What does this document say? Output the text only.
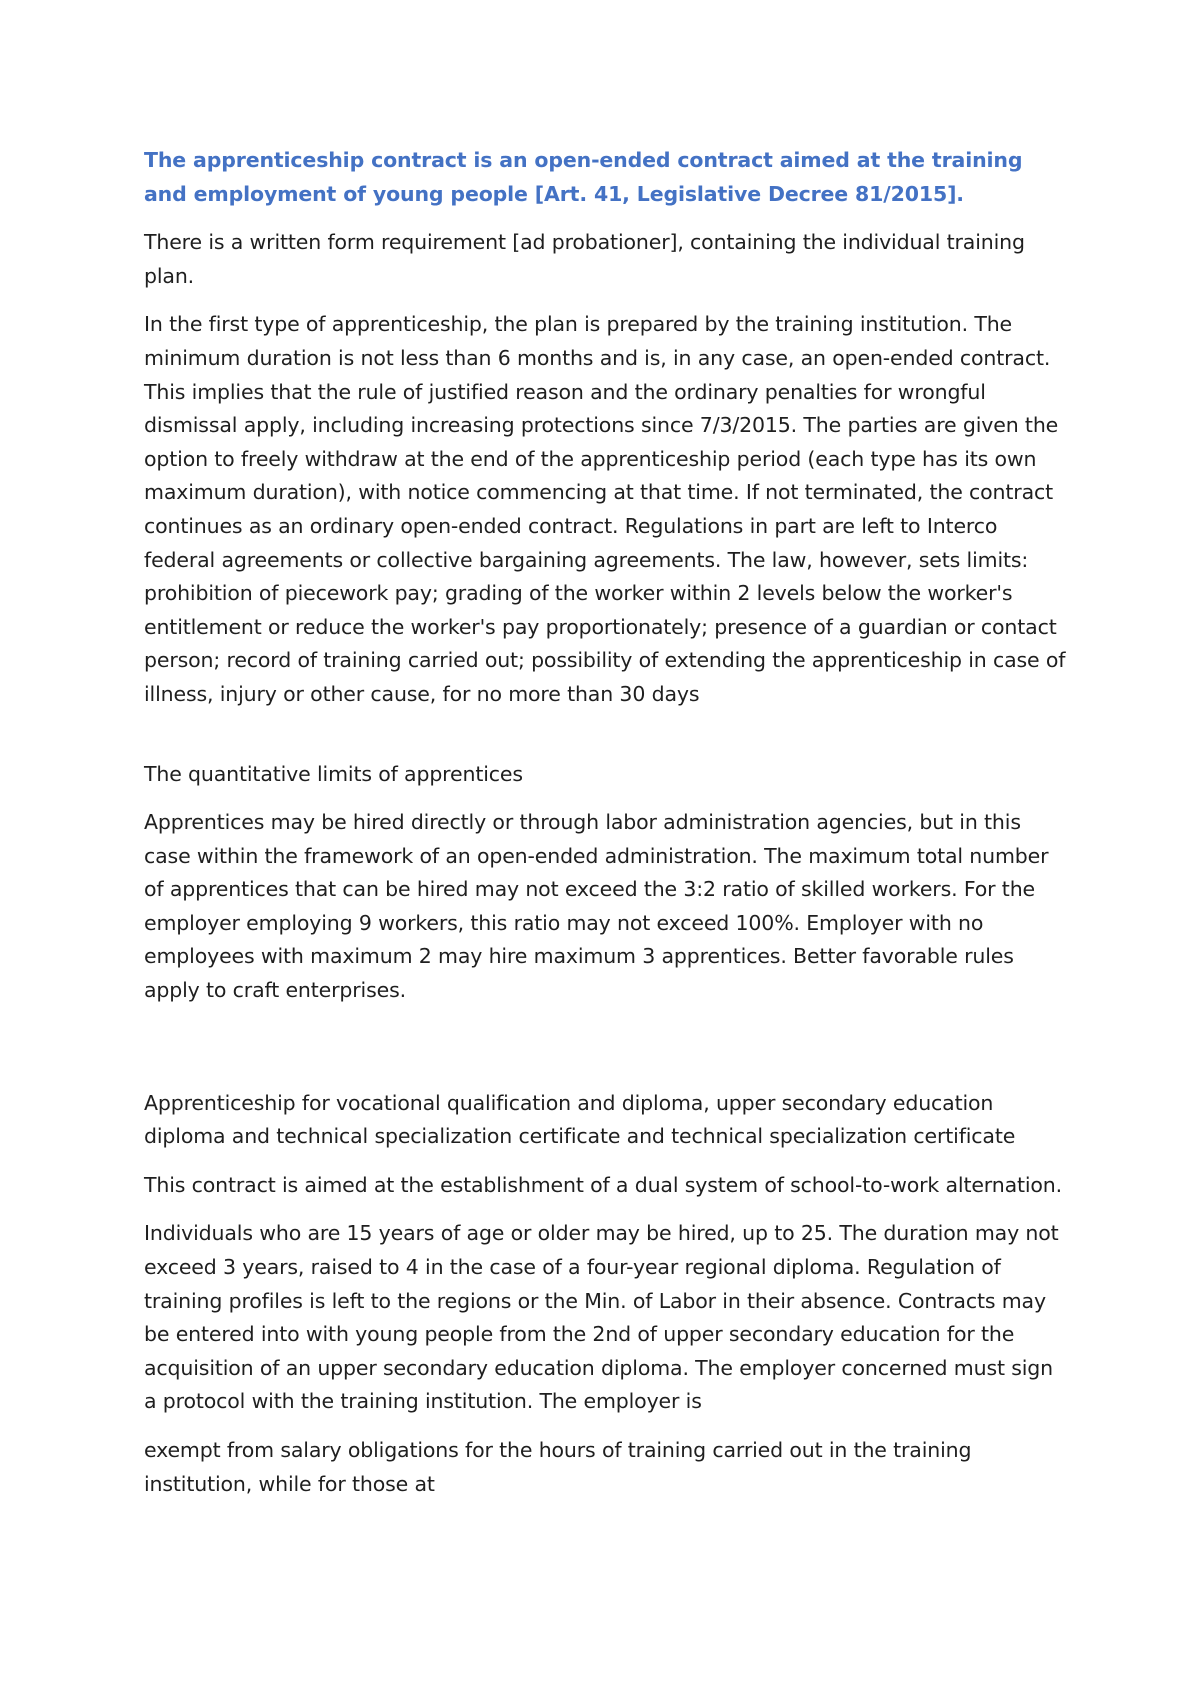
The apprenticeship contract is an open-ended contract aimed at the training and employment of young people [Art. 41, Legislative Decree 81/2015].

There is a written form requirement [ad probationer], containing the individual training plan.

In the first type of apprenticeship, the plan is prepared by the training institution. The minimum duration is not less than 6 months and is, in any case, an open-ended contract. This implies that the rule of justified reason and the ordinary penalties for wrongful dismissal apply, including increasing protections since 7/3/2015. The parties are given the option to freely withdraw at the end of the apprenticeship period (each type has its own maximum duration), with notice commencing at that time. If not terminated, the contract continues as an ordinary open-ended contract. Regulations in part are left to Interco federal agreements or collective bargaining agreements. The law, however, sets limits: prohibition of piecework pay; grading of the worker within 2 levels below the worker's entitlement or reduce the worker's pay proportionately; presence of a guardian or contact person; record of training carried out; possibility of extending the apprenticeship in case of illness, injury or other cause, for no more than 30 days

The quantitative limits of apprentices

Apprentices may be hired directly or through labor administration agencies, but in this case within the framework of an open-ended administration. The maximum total number of apprentices that can be hired may not exceed the 3:2 ratio of skilled workers. For the employer employing 9 workers, this ratio may not exceed 100%. Employer with no employees with maximum 2 may hire maximum 3 apprentices. Better favorable rules apply to craft enterprises.

Apprenticeship for vocational qualification and diploma, upper secondary education diploma and technical specialization certificate and technical specialization certificate

This contract is aimed at the establishment of a dual system of school-to-work alternation.

Individuals who are 15 years of age or older may be hired, up to 25. The duration may not exceed 3 years, raised to 4 in the case of a four-year regional diploma. Regulation of training profiles is left to the regions or the Min. of Labor in their absence. Contracts may be entered into with young people from the 2nd of upper secondary education for the acquisition of an upper secondary education diploma. The employer concerned must sign a protocol with the training institution. The employer is

exempt from salary obligations for the hours of training carried out in the training institution, while for those at
